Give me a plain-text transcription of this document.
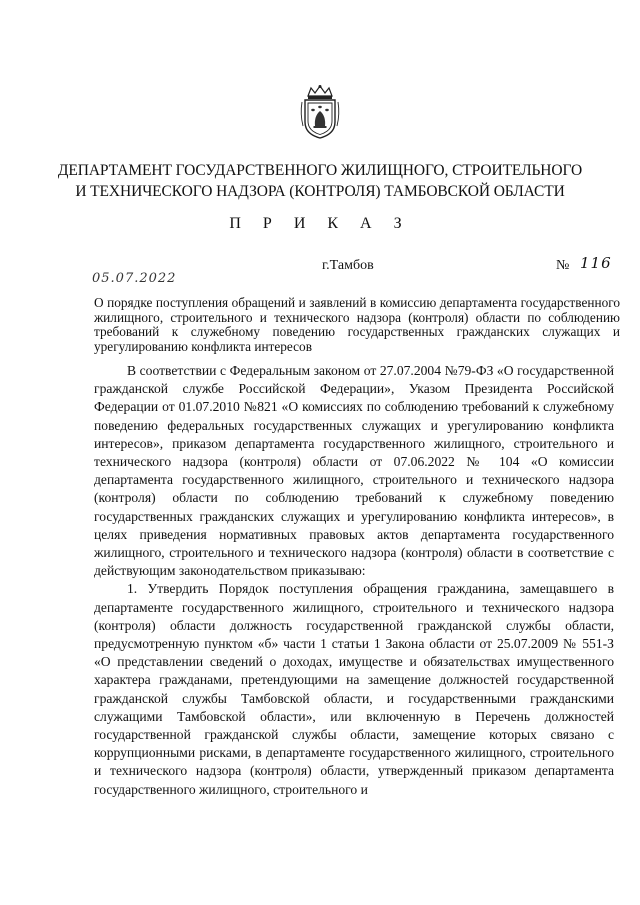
ДЕПАРТАМЕНТ ГОСУДАРСТВЕННОГО ЖИЛИЩНОГО, СТРОИТЕЛЬНОГО
И ТЕХНИЧЕСКОГО НАДЗОРА (КОНТРОЛЯ) ТАМБОВСКОЙ ОБЛАСТИ
П Р И К А З
г.Тамбов	№ 116
05.07.2022
О порядке поступления обращений и заявлений в комиссию департамента государственного жилищного, строительного и технического надзора (контроля) области по соблюдению требований к служебному поведению государственных гражданских служащих и урегулированию конфликта интересов

В соответствии с Федеральным законом от 27.07.2004 №79-ФЗ «О государственной гражданской службе Российской Федерации», Указом Президента Российской Федерации от 01.07.2010 №821 «О комиссиях по соблюдению требований к служебному поведению федеральных государственных служащих и урегулированию конфликта интересов», приказом департамента государственного жилищного, строительного и технического надзора (контроля) области от 07.06.2022 № 104 «О комиссии департамента государственного жилищного, строительного и технического надзора (контроля) области по соблюдению требований к служебному поведению государственных гражданских служащих и урегулированию конфликта интересов», в целях приведения нормативных правовых актов департамента государственного жилищного, строительного и технического надзора (контроля) области в соответствие с действующим законодательством приказываю:

1. Утвердить Порядок поступления обращения гражданина, замещавшего в департаменте государственного жилищного, строительного и технического надзора (контроля) области должность государственной гражданской службы области, предусмотренную пунктом «б» части 1 статьи 1 Закона области от 25.07.2009 № 551-З «О представлении сведений о доходах, имуществе и обязательствах имущественного характера гражданами, претендующими на замещение должностей государственной гражданской службы Тамбовской области, и государственными гражданскими служащими Тамбовской области», или включенную в Перечень должностей государственной гражданской службы области, замещение которых связано с коррупционными рисками, в департаменте государственного жилищного, строительного и технического надзора (контроля) области, утвержденный приказом департамента государственного жилищного, строительного и
